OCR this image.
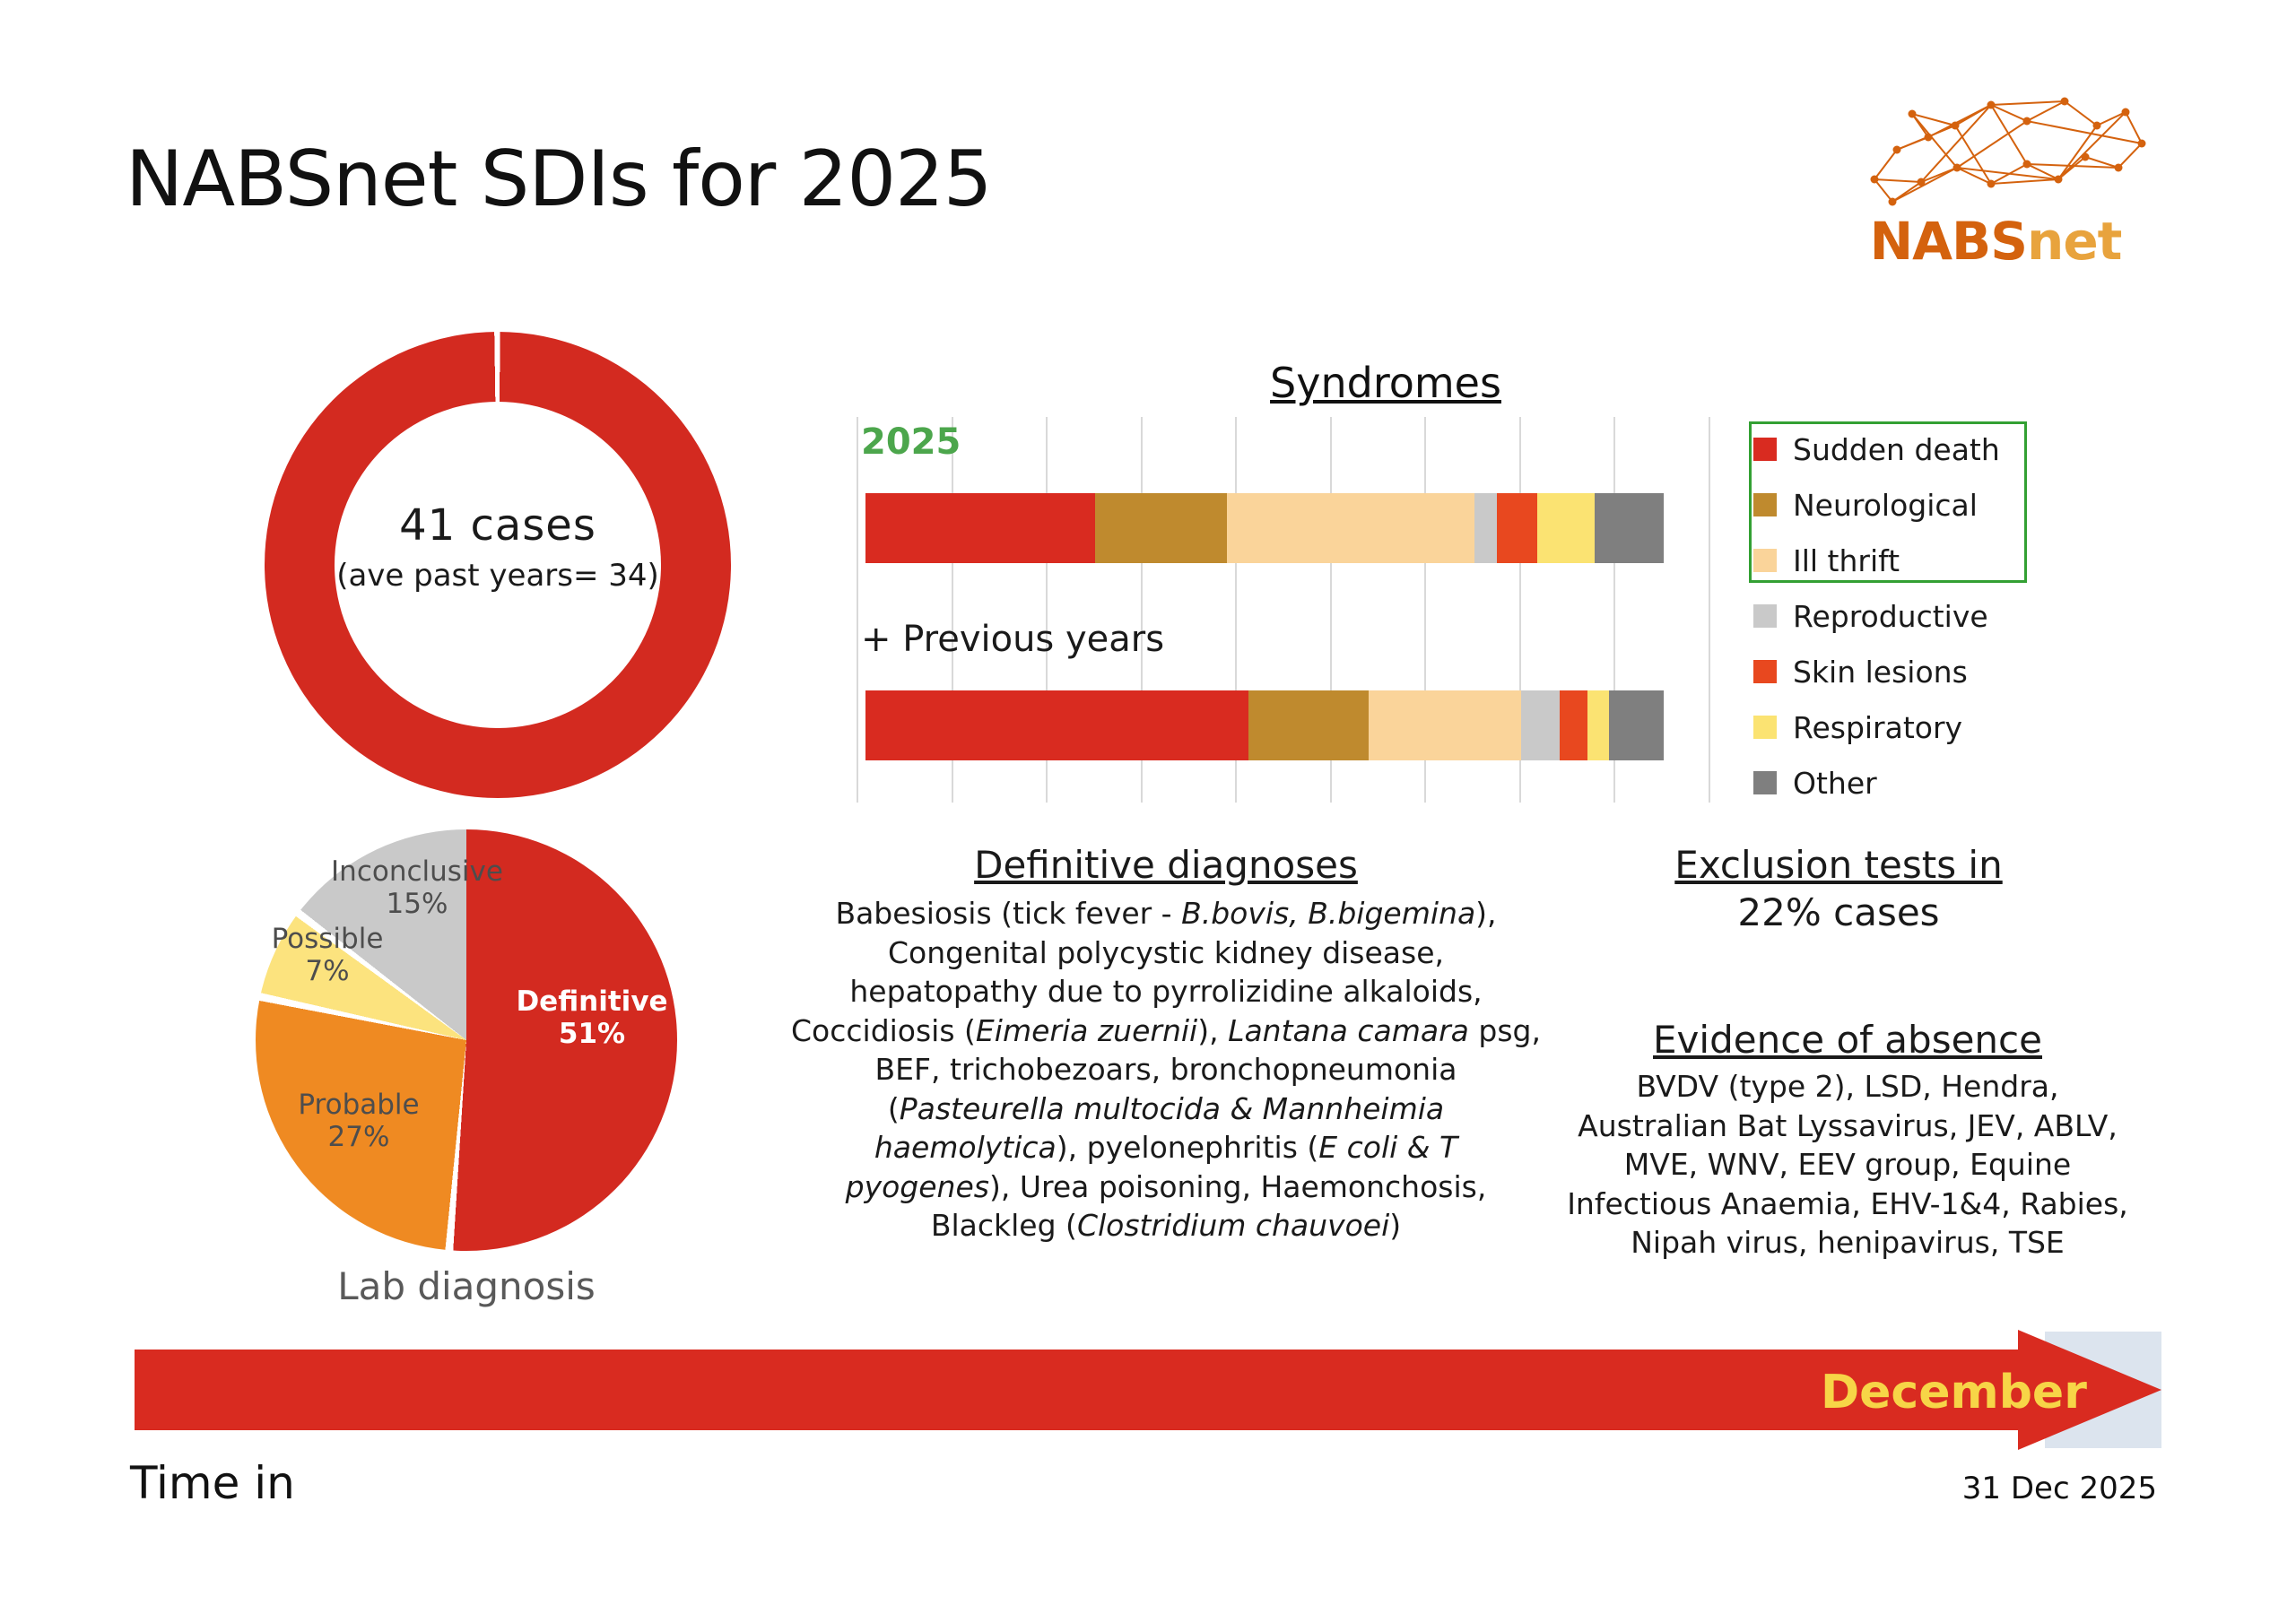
NABSnet SDIs for 2025
NABSnet
41 cases
(ave past years= 34)
Definitive
51%
Probable
27%
Possible
7%
Inconclusive
15%
Lab diagnosis
Syndromes
2025
+ Previous years
Sudden death
Neurological
Ill thrift
Reproductive
Skin lesions
Respiratory
Other
Definitive diagnoses
Babesiosis (tick fever - B.bovis, B.bigemina), Congenital polycystic kidney disease, hepatopathy due to pyrrolizidine alkaloids, Coccidiosis (Eimeria zuernii), Lantana camara psg, BEF, trichobezoars, bronchopneumonia (Pasteurella multocida & Mannheimia haemolytica), pyelonephritis (E coli & T pyogenes), Urea poisoning, Haemonchosis, Blackleg (Clostridium chauvoei)
Exclusion tests in
22% cases
Evidence of absence
BVDV (type 2), LSD, Hendra, Australian Bat Lyssavirus, JEV, ABLV, MVE, WNV, EEV group, Equine Infectious Anaemia, EHV-1&4, Rabies, Nipah virus, henipavirus, TSE
December
Time in	31 Dec 2025
